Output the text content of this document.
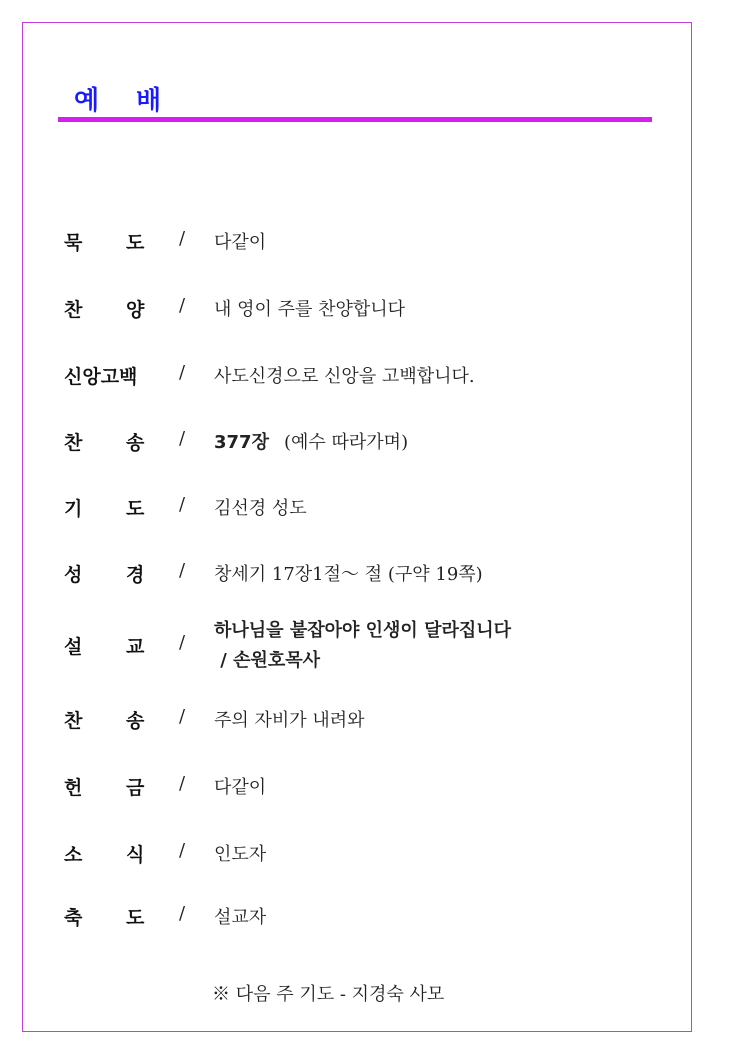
예 배
묵 도 / 다같이
찬 양 / 내 영이 주를 찬양합니다
신앙고백 / 사도신경으로 신앙을 고백합니다.
찬 송 / 377장 (예수 따라가며)
기 도 / 김선경 성도
성 경 / 창세기 17장1절〜 절 (구약 19쪽)
설 교 /
하나님을 붙잡아야 인생이 달라집니다
/ 손원호목사
찬 송 / 주의 자비가 내려와
헌 금 / 다같이
소 식 / 인도자
축 도 / 설교자
※ 다음 주 기도 - 지경숙 사모
